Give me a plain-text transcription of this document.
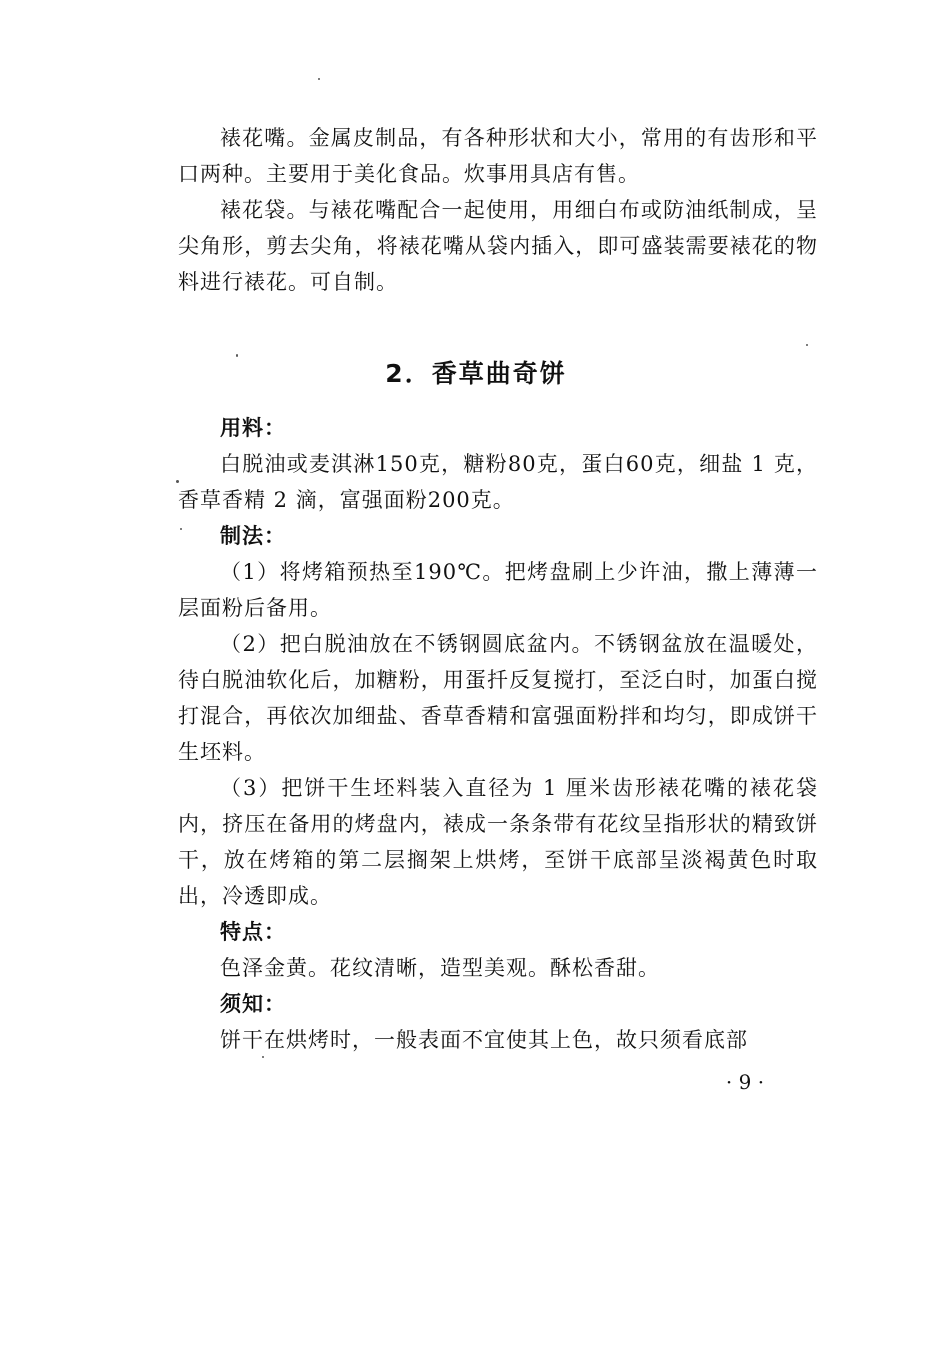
裱花嘴。金属皮制品，有各种形状和大小，常用的有齿形和平口两种。主要用于美化食品。炊事用具店有售。

裱花袋。与裱花嘴配合一起使用，用细白布或防油纸制成，呈尖角形，剪去尖角，将裱花嘴从袋内插入，即可盛装需要裱花的物料进行裱花。可自制。

2．香草曲奇饼

用料：

白脱油或麦淇淋150克，糖粉80克，蛋白60克，细盐 1 克，香草香精 2 滴，富强面粉200克。

制法：

（1）将烤箱预热至190℃。把烤盘刷上少许油，撒上薄薄一层面粉后备用。

（2）把白脱油放在不锈钢圆底盆内。不锈钢盆放在温暖处，待白脱油软化后，加糖粉，用蛋扦反复搅打，至泛白时，加蛋白搅打混合，再依次加细盐、香草香精和富强面粉拌和均匀，即成饼干生坯料。

（3）把饼干生坯料装入直径为 1 厘米齿形裱花嘴的裱花袋内，挤压在备用的烤盘内，裱成一条条带有花纹呈指形状的精致饼干，放在烤箱的第二层搁架上烘烤，至饼干底部呈淡褐黄色时取出，冷透即成。

特点：

色泽金黄。花纹清晰，造型美观。酥松香甜。

须知：

饼干在烘烤时，一般表面不宜使其上色，故只须看底部

· 9 ·
